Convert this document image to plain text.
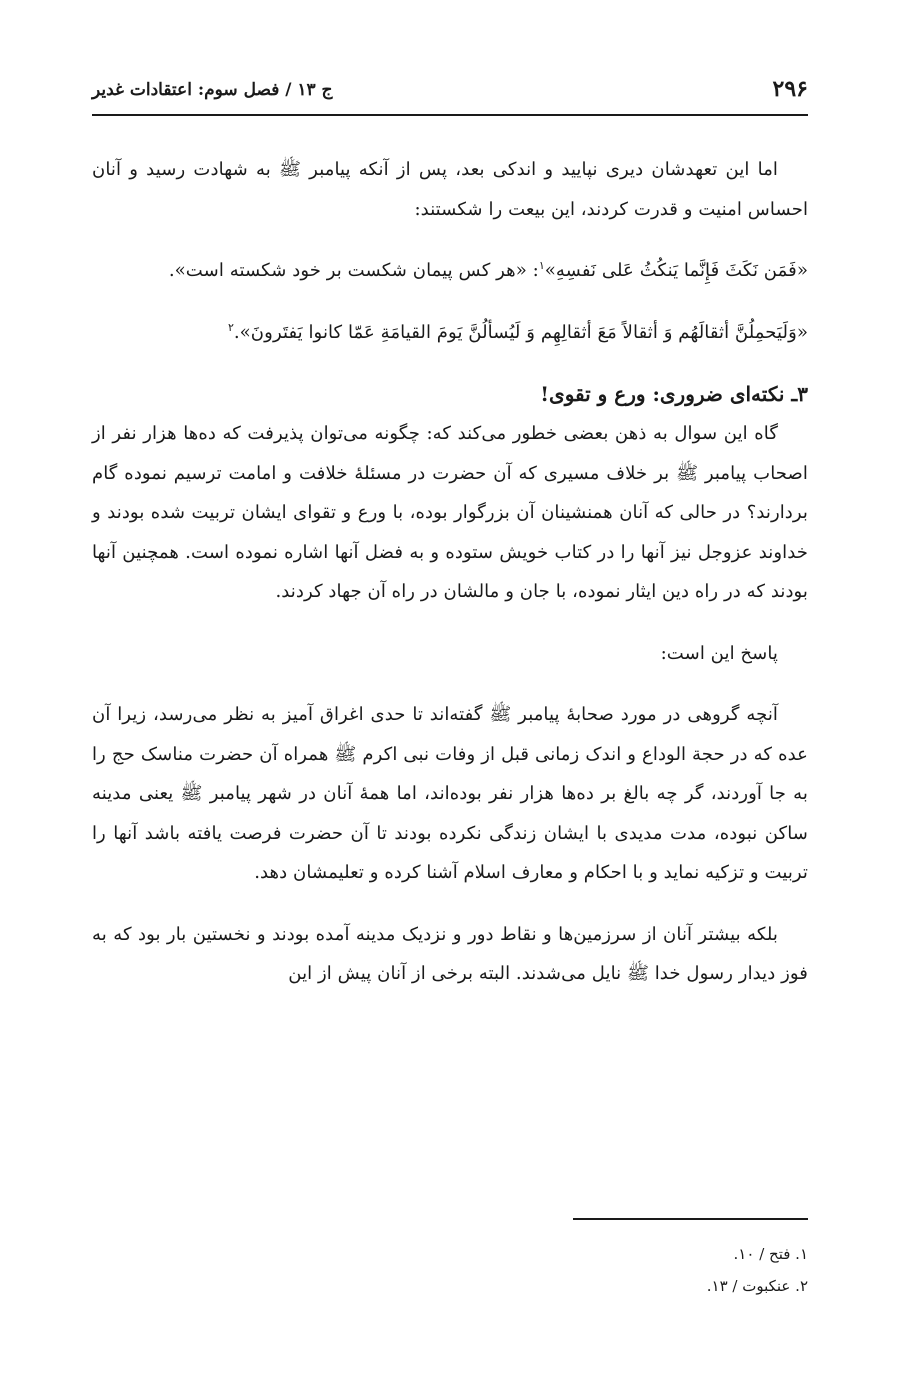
۲۹۶
ج ۱۳ / فصل سوم: اعتقادات غدیر

اما این تعهدشان دیری نپایید و اندکی بعد، پس از آنکه پیامبر ﷺ به شهادت رسید و آنان احساس امنیت و قدرت کردند، این بیعت را شکستند:

«فَمَن نَكَثَ فَإِنَّما يَنكُثُ عَلى نَفسِهِ»$^۱$: «هر کس پیمان شکست بر خود شکسته است».

«وَلَيَحمِلُنَّ أثقالَهُم وَ أثقالاً مَعَ أثقالِهِم وَ لَيُسألُنَّ يَومَ القيامَةِ عَمّا كانوا يَفتَرونَ».$^۲$

۳ـ نکته‌ای ضروری: ورع و تقوی!

گاه این سوال به ذهن بعضی خطور می‌کند که: چگونه می‌توان پذیرفت که ده‌ها هزار نفر از اصحاب پیامبر ﷺ بر خلاف مسیری که آن حضرت در مسئلهٔ خلافت و امامت ترسیم نموده گام بردارند؟ در حالی که آنان همنشینان آن بزرگوار بوده، با ورع و تقوای ایشان تربیت شده بودند و خداوند عزوجل نیز آنها را در کتاب خویش ستوده و به فضل آنها اشاره نموده است. همچنین آنها بودند که در راه دین ایثار نموده، با جان و مالشان در راه آن جهاد کردند.

پاسخ این است:

آنچه گروهی در مورد صحابهٔ پیامبر ﷺ گفته‌اند تا حدی اغراق آمیز به نظر می‌رسد، زیرا آن عده که در حجة الوداع و اندک زمانی قبل از وفات نبی اکرم ﷺ همراه آن حضرت مناسک حج را به جا آوردند، گر چه بالغ بر ده‌ها هزار نفر بوده‌اند، اما همهٔ آنان در شهر پیامبر ﷺ یعنی مدینه ساکن نبوده، مدت مدیدی با ایشان زندگی نکرده بودند تا آن حضرت فرصت یافته باشد آنها را تربیت و تزکیه نماید و با احکام و معارف اسلام آشنا کرده و تعلیمشان دهد.

بلکه بیشتر آنان از سرزمین‌ها و نقاط دور و نزدیک مدینه آمده بودند و نخستین بار بود که به فوز دیدار رسول خدا ﷺ نایل می‌شدند. البته برخی از آنان پیش از این

۱. فتح / ۱۰.
۲. عنکبوت / ۱۳.
